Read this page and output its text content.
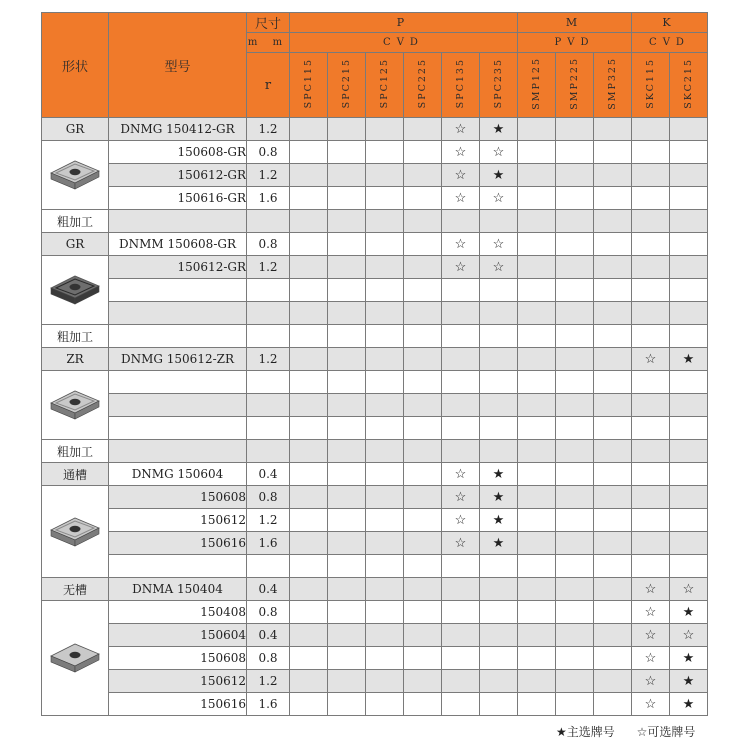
形状	型号	尺寸	P						M			K	
		m m	CVD						PVD			CVD	
		r	SPC115	SPC215	SPC125	SPC225	SPC135	SPC235	SMP125	SMP225	SMP325	SKC115	SKC215
GR	DNMG 150412-GR	1.2					☆	★					

	150608-GR	0.8					☆	☆					
	150612-GR	1.2					☆	★					
	150616-GR	1.6					☆	☆					
粗加工													
GR	DNMM 150608-GR	0.8					☆	☆					

	150612-GR	1.2					☆	☆					

粗加工													
ZR	DNMG 150612-ZR	1.2										☆	★

粗加工													
通槽	DNMG 150604	0.4					☆	★					

	150608	0.8					☆	★					
	150612	1.2					☆	★					
	150616	1.6					☆	★					

无槽	DNMA 150404	0.4										☆	☆

	150408	0.8										☆	★
	150604	0.4										☆	☆
	150608	0.8										☆	★
	150612	1.2										☆	★
	150616	1.6										☆	★
★主选牌号 ☆可选牌号
